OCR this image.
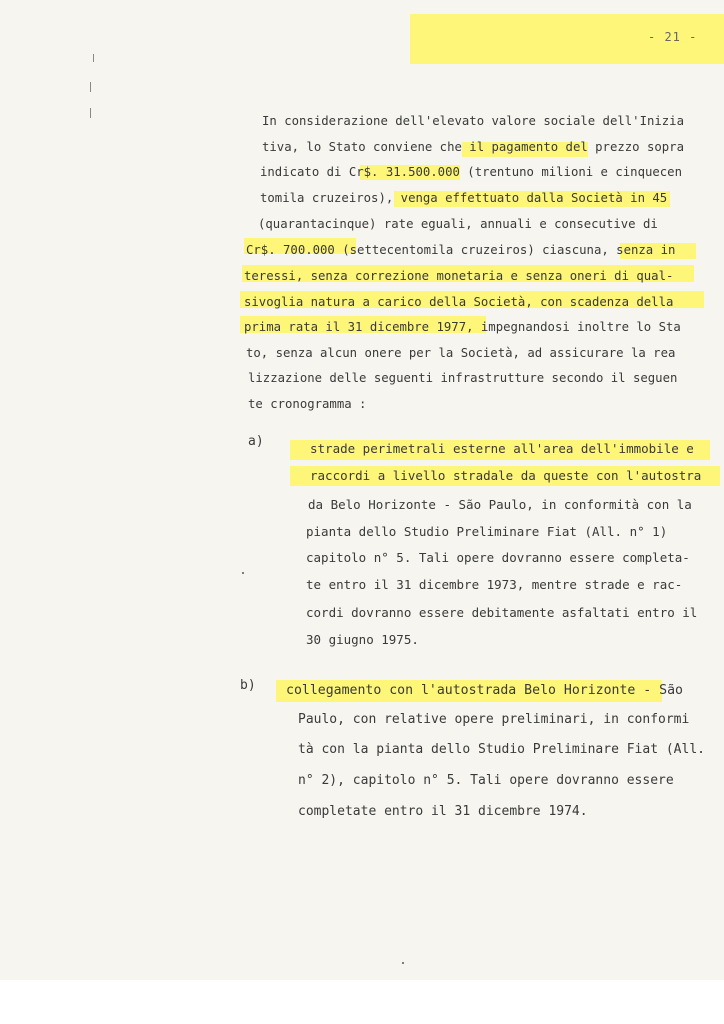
- 21 -
In considerazione dell'elevato valore sociale dell'Inizia
tiva, lo Stato conviene che il pagamento del prezzo sopra
indicato di Cr$. 31.500.000 (trentuno milioni e cinquecen
tomila cruzeiros), venga effettuato dalla Società in 45
(quarantacinque) rate eguali, annuali e consecutive di
Cr$. 700.000 (settecentomila cruzeiros) ciascuna, senza in
teressi, senza correzione monetaria e senza oneri di qual-
sivoglia natura a carico della Società, con scadenza della
prima rata il 31 dicembre 1977, impegnandosi inoltre lo Sta
to, senza alcun onere per la Società, ad assicurare la rea
lizzazione delle seguenti infrastrutture secondo il seguen
te cronogramma :
a)	strade perimetrali esterne all'area dell'immobile e
raccordi a livello stradale da queste con l'autostra
da Belo Horizonte - São Paulo, in conformità con la
pianta dello Studio Preliminare Fiat (All. n° 1)
capitolo n° 5. Tali opere dovranno essere completa-
te entro il 31 dicembre 1973, mentre strade e rac-
cordi dovranno essere debitamente asfaltati entro il
30 giugno 1975.
b) collegamento con l'autostrada Belo Horizonte - São
Paulo, con relative opere preliminari, in conformi
tà con la pianta dello Studio Preliminare Fiat (All.
n° 2), capitolo n° 5. Tali opere dovranno essere
completate entro il 31 dicembre 1974.
